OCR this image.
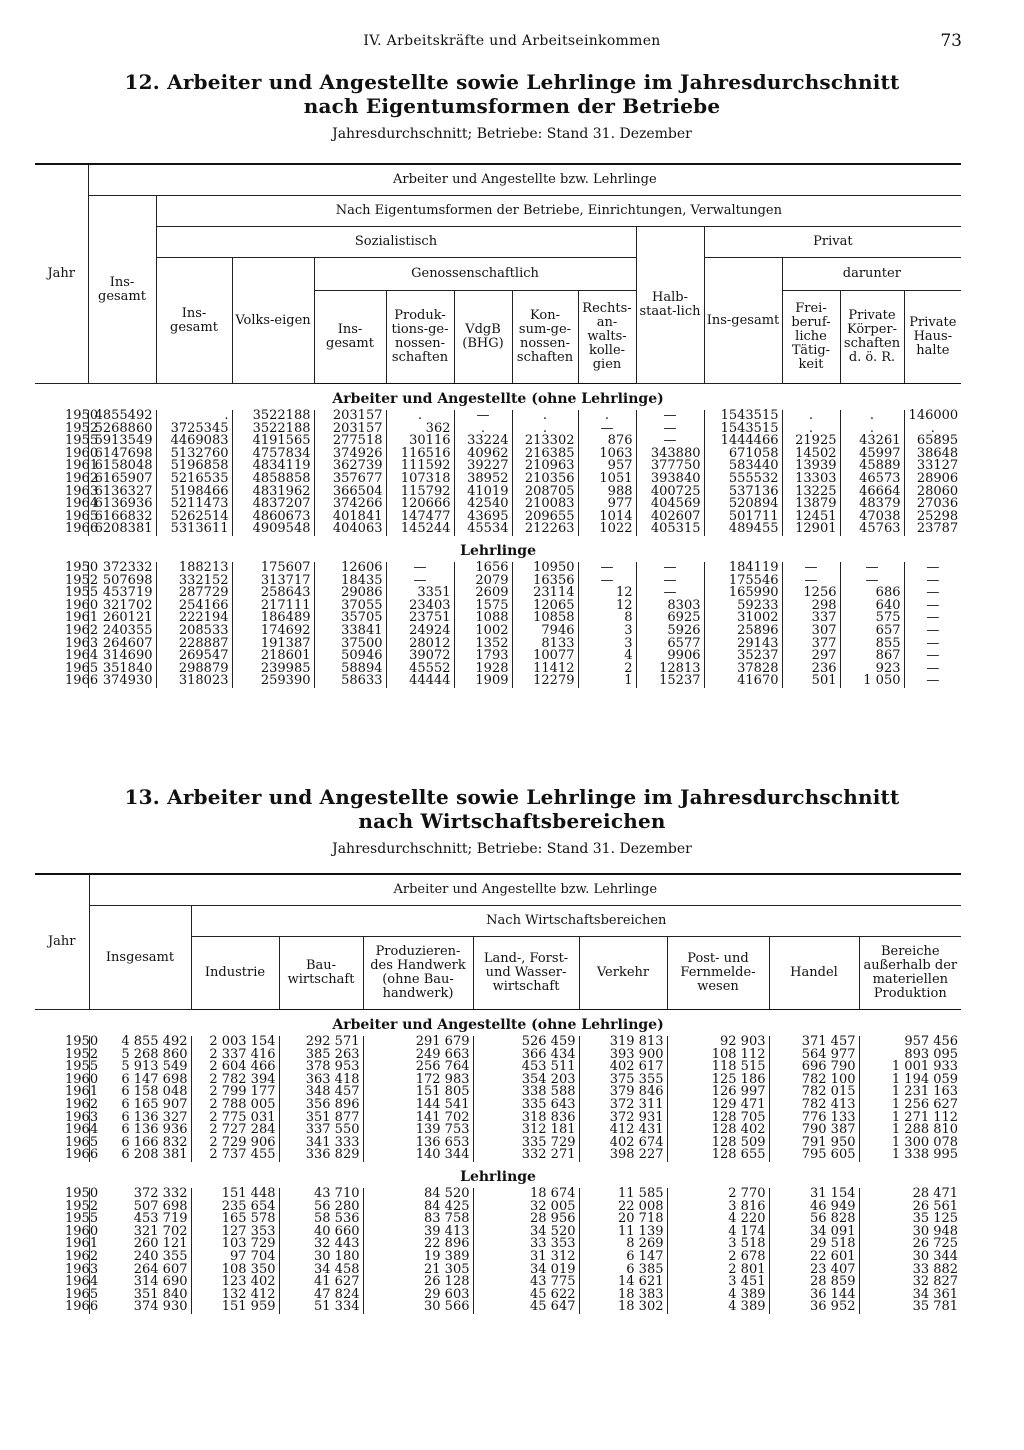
IV. Arbeitskräfte und Arbeitseinkommen	73
12. Arbeiter und Angestellte sowie Lehrlinge im Jahresdurchschnitt
nach Eigentumsformen der Betriebe
Jahresdurchschnitt; Betriebe: Stand 31. Dezember
Jahr	Arbeiter und Angestellte bzw. Lehrlinge												
	Ins-gesamt	Nach Eigentumsformen der Betriebe, Einrichtungen, Verwaltungen											
		Sozialistisch							Halb-staat-lich	Privat			
		Ins-gesamt	Volks-eigen	Genossenschaftlich						Ins-gesamt	darunter		
				Ins-gesamt	Produk-tions-ge-nossen-schaften	VdgB (BHG)	Kon-sum-ge-nossen-schaften	Rechts-an-walts-kolle-gien			Frei-beruf-liche Tätig-keit	Private Körper-schaften d. ö. R.	Private Haus-halte
Arbeiter und Angestellte (ohne Lehrlinge)													
1950	4855492	.	3522188	203157	.	—	.	.	—	1543515	.	.	146000
1952	5268860	3725345	3522188	203157	362	.	.	—	—	1543515	.	.	.
1955	5913549	4469083	4191565	277518	30116	33224	213302	876	—	1444466	21925	43261	65895
1960	6147698	5132760	4757834	374926	116516	40962	216385	1063	343880	671058	14502	45997	38648
1961	6158048	5196858	4834119	362739	111592	39227	210963	957	377750	583440	13939	45889	33127
1962	6165907	5216535	4858858	357677	107318	38952	210356	1051	393840	555532	13303	46573	28906
1963	6136327	5198466	4831962	366504	115792	41019	208705	988	400725	537136	13225	46664	28060
1964	6136936	5211473	4837207	374266	120666	42540	210083	977	404569	520894	13879	48379	27036
1965	6166832	5262514	4860673	401841	147477	43695	209655	1014	402607	501711	12451	47038	25298
1966	6208381	5313611	4909548	404063	145244	45534	212263	1022	405315	489455	12901	45763	23787
Lehrlinge													
1950	372332	188213	175607	12606	—	1656	10950	—	—	184119	—	—	—
1952	507698	332152	313717	18435	—	2079	16356	—	—	175546	—	—	—
1955	453719	287729	258643	29086	3351	2609	23114	12	—	165990	1256	686	—
1960	321702	254166	217111	37055	23403	1575	12065	12	8303	59233	298	640	—
1961	260121	222194	186489	35705	23751	1088	10858	8	6925	31002	337	575	—
1962	240355	208533	174692	33841	24924	1002	7946	3	5926	25896	307	657	—
1963	264607	228887	191387	37500	28012	1352	8133	3	6577	29143	377	855	—
1964	314690	269547	218601	50946	39072	1793	10077	4	9906	35237	297	867	—
1965	351840	298879	239985	58894	45552	1928	11412	2	12813	37828	236	923	—
1966	374930	318023	259390	58633	44444	1909	12279	1	15237	41670	501	1 050	—
13. Arbeiter und Angestellte sowie Lehrlinge im Jahresdurchschnitt
nach Wirtschaftsbereichen
Jahresdurchschnitt; Betriebe: Stand 31. Dezember
Jahr	Arbeiter und Angestellte bzw. Lehrlinge								
	Insgesamt	Nach Wirtschaftsbereichen							
		Industrie	Bau-wirtschaft	Produzieren-des Handwerk (ohne Bau-handwerk)	Land-, Forst- und Wasser-wirtschaft	Verkehr	Post- und Fernmelde-wesen	Handel	Bereiche außerhalb der materiellen Produktion
Arbeiter und Angestellte (ohne Lehrlinge)									
1950	4 855 492	2 003 154	292 571	291 679	526 459	319 813	92 903	371 457	957 456
1952	5 268 860	2 337 416	385 263	249 663	366 434	393 900	108 112	564 977	893 095
1955	5 913 549	2 604 466	378 953	256 764	453 511	402 617	118 515	696 790	1 001 933
1960	6 147 698	2 782 394	363 418	172 983	354 203	375 355	125 186	782 100	1 194 059
1961	6 158 048	2 799 177	348 457	151 805	338 588	379 846	126 997	782 015	1 231 163
1962	6 165 907	2 788 005	356 896	144 541	335 643	372 311	129 471	782 413	1 256 627
1963	6 136 327	2 775 031	351 877	141 702	318 836	372 931	128 705	776 133	1 271 112
1964	6 136 936	2 727 284	337 550	139 753	312 181	412 431	128 402	790 387	1 288 810
1965	6 166 832	2 729 906	341 333	136 653	335 729	402 674	128 509	791 950	1 300 078
1966	6 208 381	2 737 455	336 829	140 344	332 271	398 227	128 655	795 605	1 338 995
Lehrlinge									
1950	372 332	151 448	43 710	84 520	18 674	11 585	2 770	31 154	28 471
1952	507 698	235 654	56 280	84 425	32 005	22 008	3 816	46 949	26 561
1955	453 719	165 578	58 536	83 758	28 956	20 718	4 220	56 828	35 125
1960	321 702	127 353	40 660	39 413	34 520	11 139	4 174	34 091	30 948
1961	260 121	103 729	32 443	22 896	33 353	8 269	3 518	29 518	26 725
1962	240 355	97 704	30 180	19 389	31 312	6 147	2 678	22 601	30 344
1963	264 607	108 350	34 458	21 305	34 019	6 385	2 801	23 407	33 882
1964	314 690	123 402	41 627	26 128	43 775	14 621	3 451	28 859	32 827
1965	351 840	132 412	47 824	29 603	45 622	18 383	4 389	36 144	34 361
1966	374 930	151 959	51 334	30 566	45 647	18 302	4 389	36 952	35 781
